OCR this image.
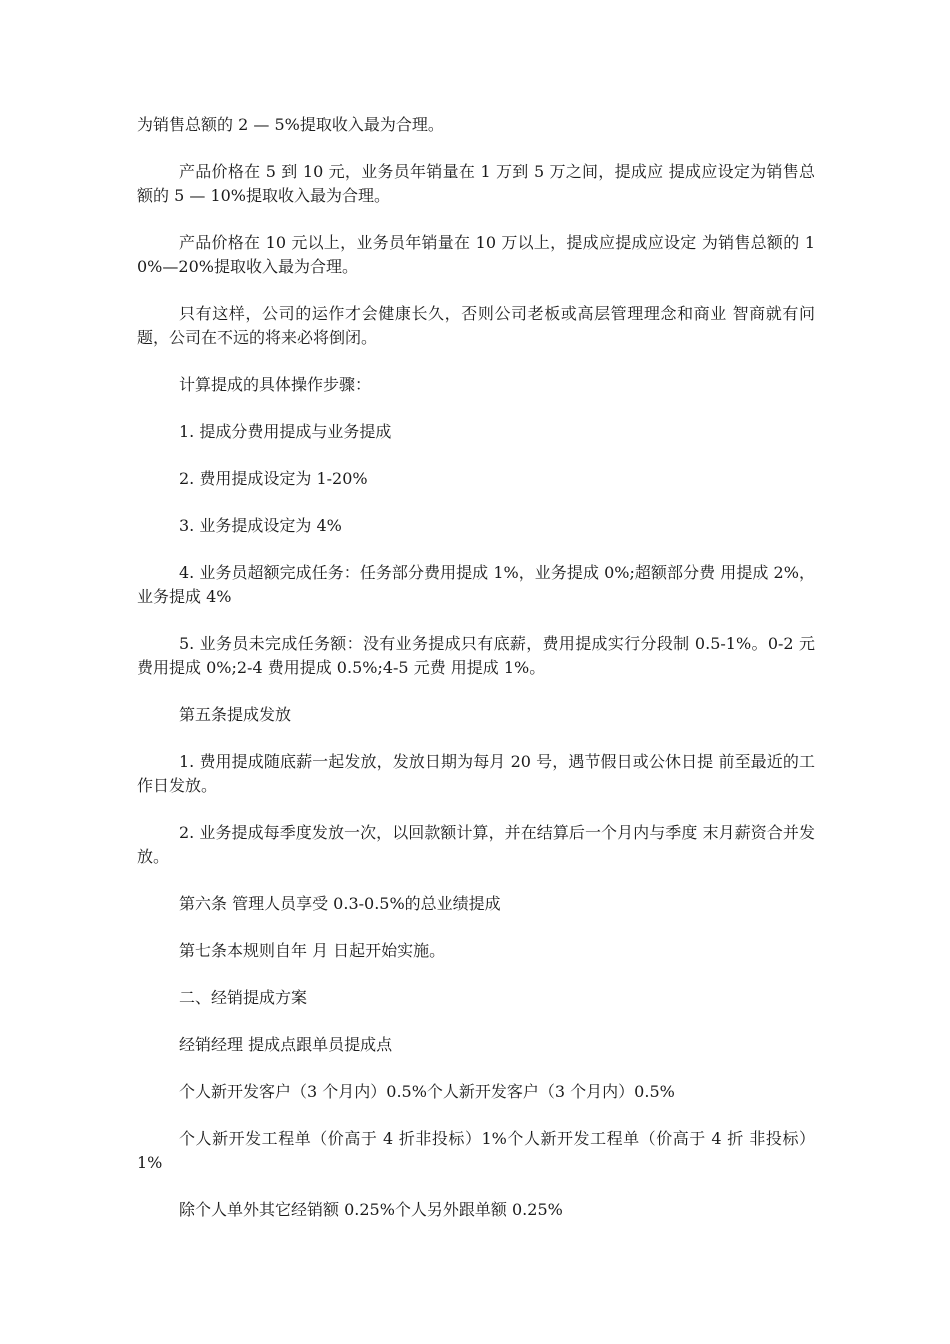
为销售总额的 2 — 5%提取收入最为合理。

产品价格在 5 到 10 元，业务员年销量在 1 万到 5 万之间，提成应 提成应设定为销售总额的 5 — 10%提取收入最为合理。

产品价格在 10 元以上，业务员年销量在 10 万以上，提成应提成应设定 为销售总额的 10%—20%提取收入最为合理。

只有这样，公司的运作才会健康长久，否则公司老板或高层管理理念和商业 智商就有问题，公司在不远的将来必将倒闭。

计算提成的具体操作步骤：

1. 提成分费用提成与业务提成

2. 费用提成设定为 1-20%

3. 业务提成设定为 4%

4. 业务员超额完成任务：任务部分费用提成 1%，业务提成 0%;超额部分费 用提成 2%，业务提成 4%

5. 业务员未完成任务额：没有业务提成只有底薪，费用提成实行分段制 0.5-1%。0-2 元费用提成 0%;2-4 费用提成 0.5%;4-5 元费 用提成 1%。

第五条提成发放

1. 费用提成随底薪一起发放，发放日期为每月 20 号，遇节假日或公休日提 前至最近的工作日发放。

2. 业务提成每季度发放一次，以回款额计算，并在结算后一个月内与季度 末月薪资合并发放。

第六条 管理人员享受 0.3-0.5%的总业绩提成

第七条本规则自年 月 日起开始实施。

二、经销提成方案

经销经理 提成点跟单员提成点

个人新开发客户（3 个月内）0.5%个人新开发客户（3 个月内）0.5%

个人新开发工程单（价高于 4 折非投标）1%个人新开发工程单（价高于 4 折 非投标）1%

除个人单外其它经销额 0.25%个人另外跟单额 0.25%
